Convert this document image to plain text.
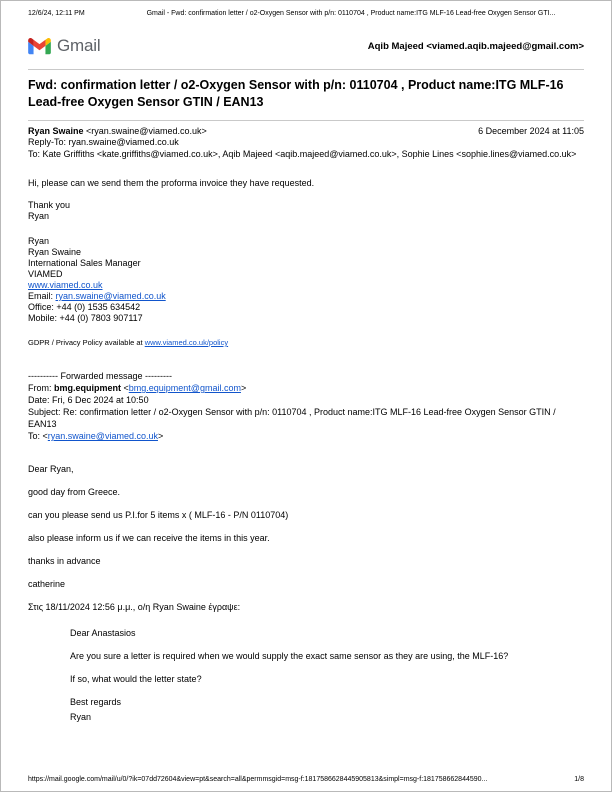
12/6/24, 12:11 PM	Gmail - Fwd: confirmation letter / o2-Oxygen Sensor with p/n: 0110704 , Product name:ITG MLF-16 Lead-free Oxygen Sensor GTI...
Gmail	Aqib Majeed <viamed.aqib.majeed@gmail.com>
Fwd: confirmation letter / o2-Oxygen Sensor with p/n: 0110704 , Product name:ITG MLF-16 Lead-free Oxygen Sensor GTIN / EAN13
Ryan Swaine <ryan.swaine@viamed.co.uk>	6 December 2024 at 11:05
Reply-To: ryan.swaine@viamed.co.uk
To: Kate Griffiths <kate.griffiths@viamed.co.uk>, Aqib Majeed <aqib.majeed@viamed.co.uk>, Sophie Lines <sophie.lines@viamed.co.uk>
Hi, please can we send them the proforma invoice they have requested.
Thank you
Ryan
Ryan
Ryan Swaine
International Sales Manager
VIAMED
www.viamed.co.uk
Email: ryan.swaine@viamed.co.uk
Office: +44 (0) 1535 634542
Mobile: +44 (0) 7803 907117
GDPR / Privacy Policy available at www.viamed.co.uk/policy
---------- Forwarded message ---------
From: bmg.equipment <bmg.equipment@gmail.com>
Date: Fri, 6 Dec 2024 at 10:50
Subject: Re: confirmation letter / o2-Oxygen Sensor with p/n: 0110704 , Product name:ITG MLF-16 Lead-free Oxygen Sensor GTIN / EAN13
To: <ryan.swaine@viamed.co.uk>
Dear Ryan,
good day from Greece.
can you please send us P.I.for 5 items x ( MLF-16 - P/N 0110704)
also please inform us if we can receive the items in this year.
thanks in advance
catherine
Στις 18/11/2024 12:56 μ.μ., ο/η Ryan Swaine έγραψε:
Dear Anastasios
Are you sure a letter is required when we would supply the exact same sensor as they are using, the MLF-16?
If so, what would the letter state?
Best regards
Ryan
https://mail.google.com/mail/u/0/?ik=07dd72604&view=pt&search=all&permmsgid=msg-f:1817586628445905813&simpl=msg-f:181758662844590...	1/8
